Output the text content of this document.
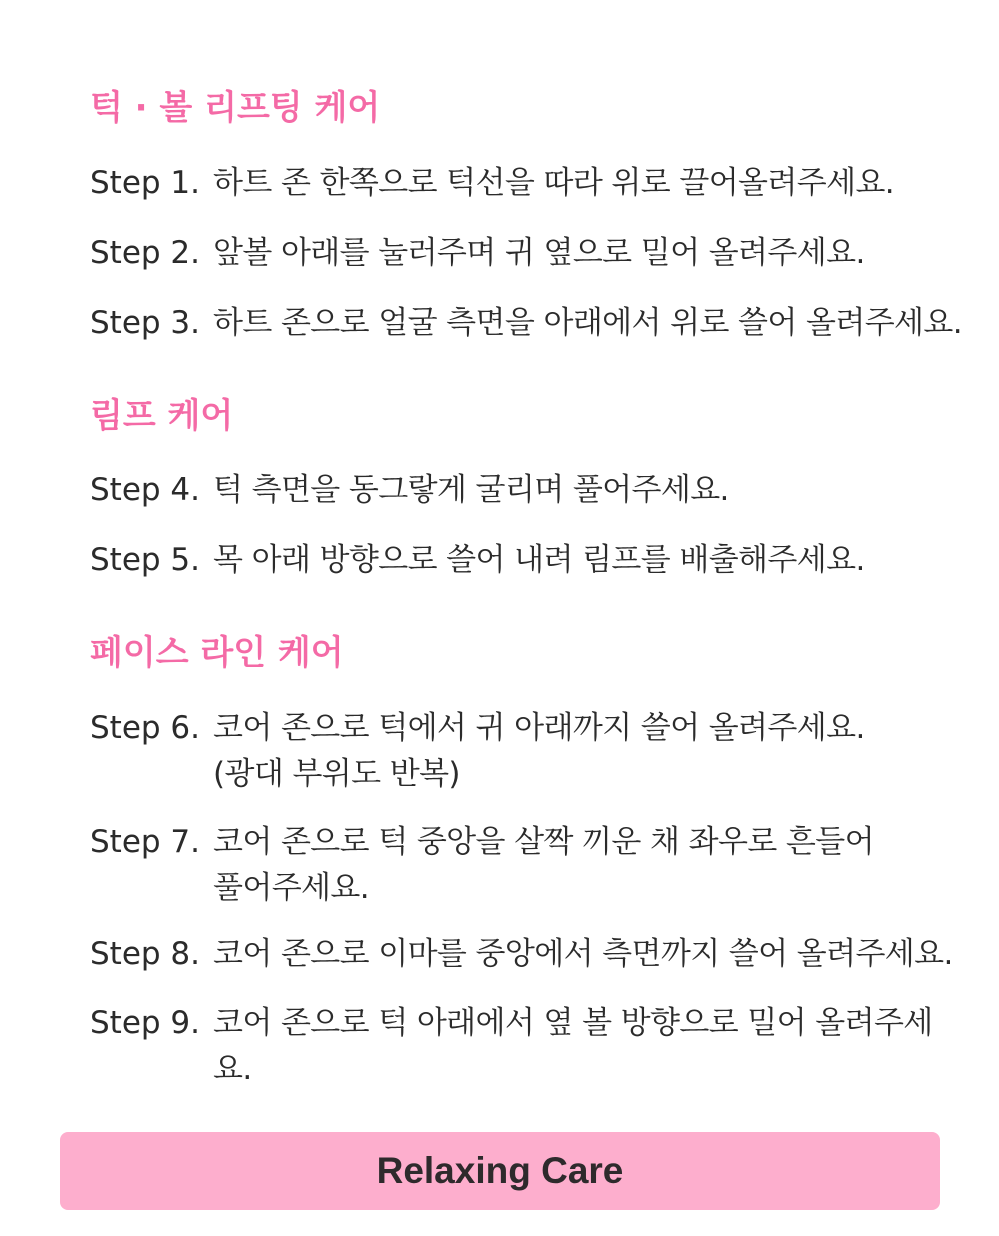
턱 · 볼 리프팅 케어
Step 1. 하트 존 한쪽으로 턱선을 따라 위로 끌어올려주세요.
Step 2. 앞볼 아래를 눌러주며 귀 옆으로 밀어 올려주세요.
Step 3. 하트 존으로 얼굴 측면을 아래에서 위로 쓸어 올려주세요.
림프 케어
Step 4. 턱 측면을 동그랗게 굴리며 풀어주세요.
Step 5. 목 아래 방향으로 쓸어 내려 림프를 배출해주세요.
페이스 라인 케어
Step 6. 코어 존으로 턱에서 귀 아래까지 쓸어 올려주세요.
(광대 부위도 반복)
Step 7. 코어 존으로 턱 중앙을 살짝 끼운 채 좌우로 흔들어
풀어주세요.
Step 8. 코어 존으로 이마를 중앙에서 측면까지 쓸어 올려주세요.
Step 9. 코어 존으로 턱 아래에서 옆 볼 방향으로 밀어 올려주세요.
Relaxing Care
